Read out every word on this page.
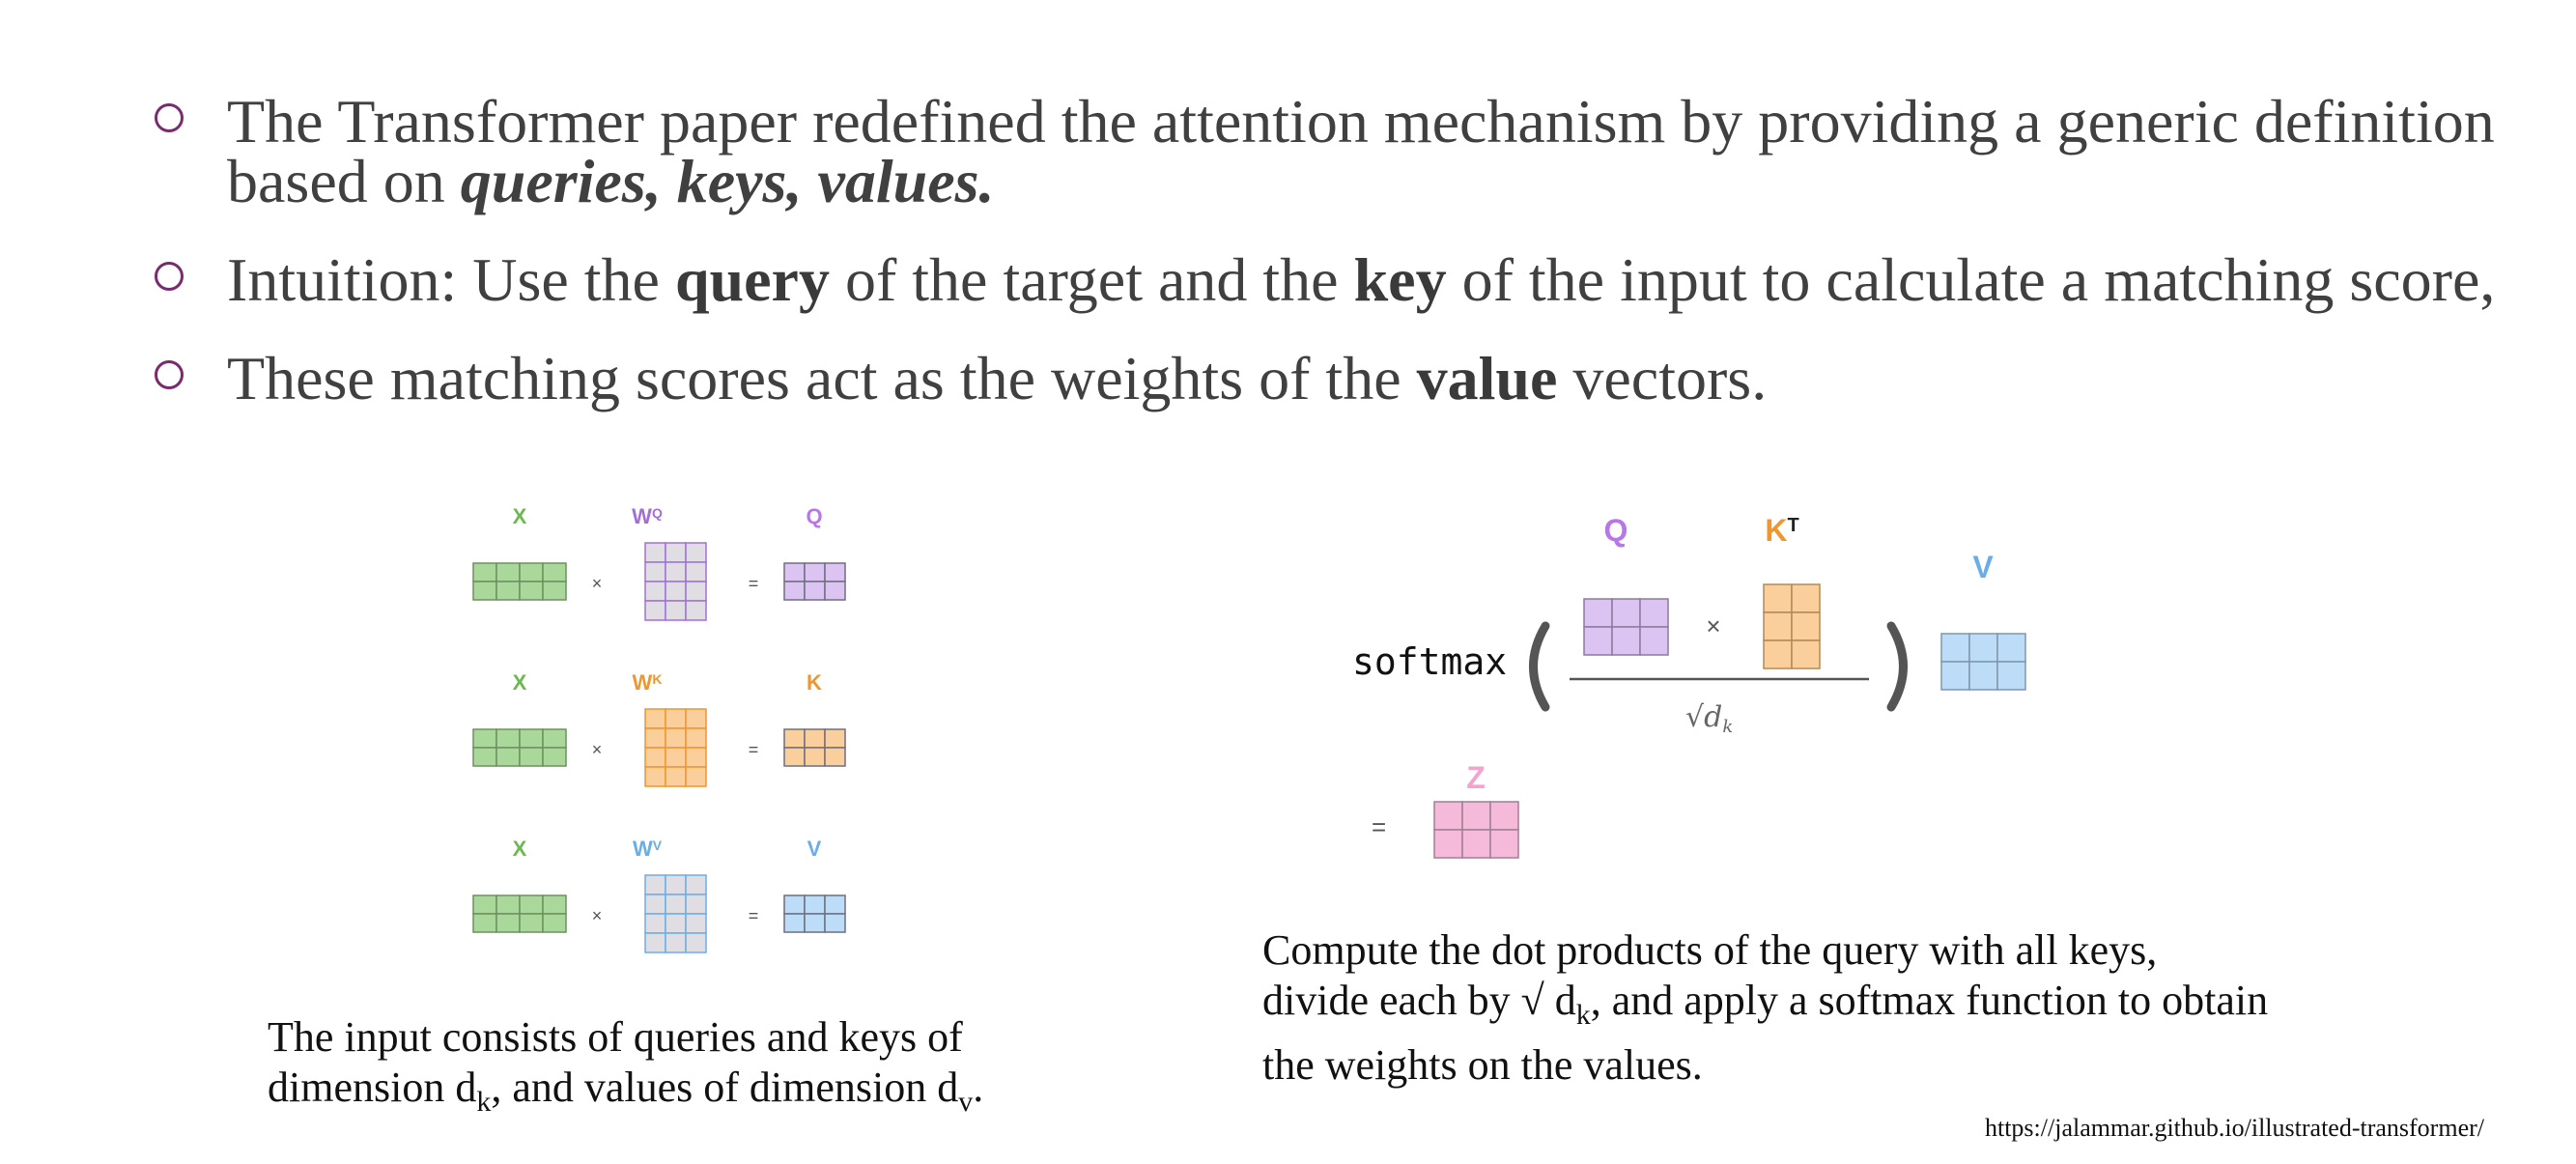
The Transformer paper redefined the attention mechanism by providing a generic definition based on queries, keys, values.
Intuition: Use the query of the target and the key of the input to calculate a matching score,
These matching scores act as the weights of the value vectors.
X	$W^Q$	Q
×	=
X	$W^K$	K
×	=
X	$W^V$	V
×	=
softmax
Q	$K^T$
V
×
$√d_k$
=
Z
The input consists of queries and keys of
dimension $d_k$, and values of dimension $d_v$.
Compute the dot products of the query with all keys,
divide each by √ $d_k$, and apply a softmax function to obtain
the weights on the values.
https://jalammar.github.io/illustrated-transformer/
